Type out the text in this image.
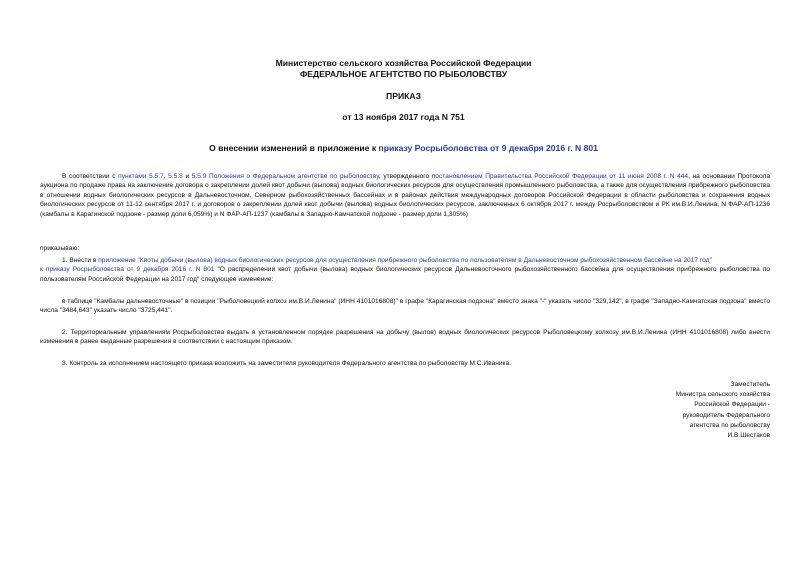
Министерство сельского хозяйства Российской Федерации
ФЕДЕРАЛЬНОЕ АГЕНТСТВО ПО РЫБОЛОВСТВУ
ПРИКАЗ
от 13 ноября 2017 года N 751
О внесении изменений в приложение к приказу Росрыболовства от 9 декабря 2016 г. N 801
В соответствии с пунктами 5.5.7, 5.5.8 и 5.5.9 Положения о Федеральном агентстве по рыболовству, утвержденного постановлением Правительства Российской Федерации от 11 июня 2008 г. N 444, на основании Протокола аукциона по продаже права на заключение договора о закреплении долей квот добычи (вылова) водных биологических ресурсов для осуществления промышленного рыболовства, а также для осуществления прибрежного рыболовства в отношении водных биологических ресурсов в Дальневосточном, Северном рыбохозяйственных бассейнах и в районах действия международных договоров Российской Федерации в области рыболовства и сохранения водных биологических ресурсов от 11-12 сентября 2017 г. и договоров о закреплении долей квот добычи (вылова) водных биологических ресурсов, заключенных 6 октября 2017 г. между Росрыболовством и РК им.В.И.Ленина, N ФАР-АП-1236 (камбалы в Карагинской подзоне - размер доли 6,059%) и N ФАР-АП-1237 (камбалы в Западно-Камчатской подзоне - размер доли 1,305%)
приказываю:
1. Внести в приложение "Квоты добычи (вылова) водных биологических ресурсов для осуществления прибрежного рыболовства по пользователям в Дальневосточном рыбохозяйственном бассейне на 2017 год"
к приказу Росрыболовства от 9 декабря 2016 г. N 801 "О распределении квот добычи (вылова) водных биологических ресурсов Дальневосточного рыбохозяйственного бассейна для осуществления прибрежного рыболовства по пользователям Российской Федерации на 2017 год" следующее изменение:
в таблице "Камбалы дальневосточные" в позиции "Рыболовецкий колхоз им.В.И.Ленина" (ИНН 4101016808)" в графе "Карагинская подзона" вместо знака "-" указать число "329,142", в графе "Западно-Камчатская подзона" вместо числа "3484,643" указать число "3725,441".
2. Территориальным управлениям Росрыболовства выдать в установленном порядке разрешения на добычу (вылов) водных биологических ресурсов Рыболовецкому колхозу им.В.И.Ленина (ИНН 4101016808) либо внести изменения в ранее выданные разрешения в соответствии с настоящим приказом.
3. Контроль за исполнением настоящего приказа возложить на заместителя руководителя Федерального агентства по рыболовству М.С.Иваника.
Заместитель
Министра сельского хозяйства
Российской Федерации -
руководитель Федерального
агентства по рыболовству
И.В.Шестаков
